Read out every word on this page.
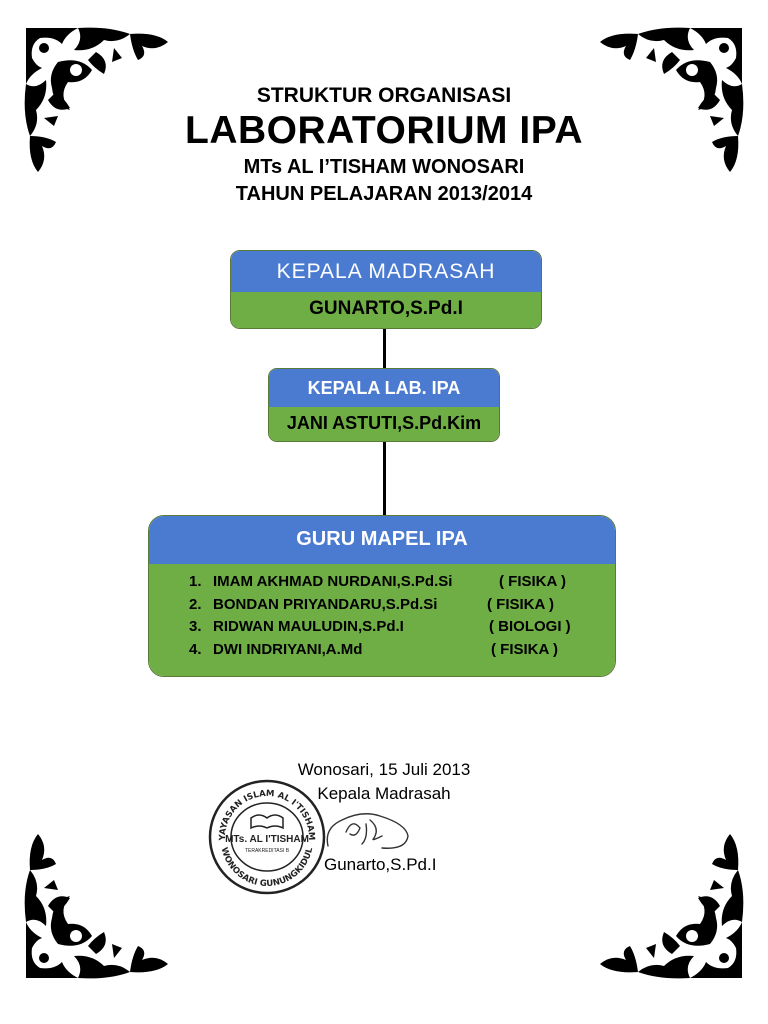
STRUKTUR ORGANISASI
LABORATORIUM IPA
MTs AL I’TISHAM WONOSARI
TAHUN PELAJARAN 2013/2014
KEPALA MADRASAH
GUNARTO,S.Pd.I
KEPALA LAB. IPA
JANI ASTUTI,S.Pd.Kim
GURU MAPEL IPA
1. IMAM AKHMAD NURDANI,S.Pd.Si	( FISIKA )
2. BONDAN PRIYANDARU,S.Pd.Si	( FISIKA )
3. RIDWAN MAULUDIN,S.Pd.I	( BIOLOGI )
4. DWI INDRIYANI,A.Md	( FISIKA )
Wonosari, 15 Juli 2013
Kepala Madrasah
YAYASAN ISLAM AL I'TISHAM
WONOSARI GUNUNGKIDUL
MTs. AL I'TISHAM
TERAKREDITASI B
Gunarto,S.Pd.I
